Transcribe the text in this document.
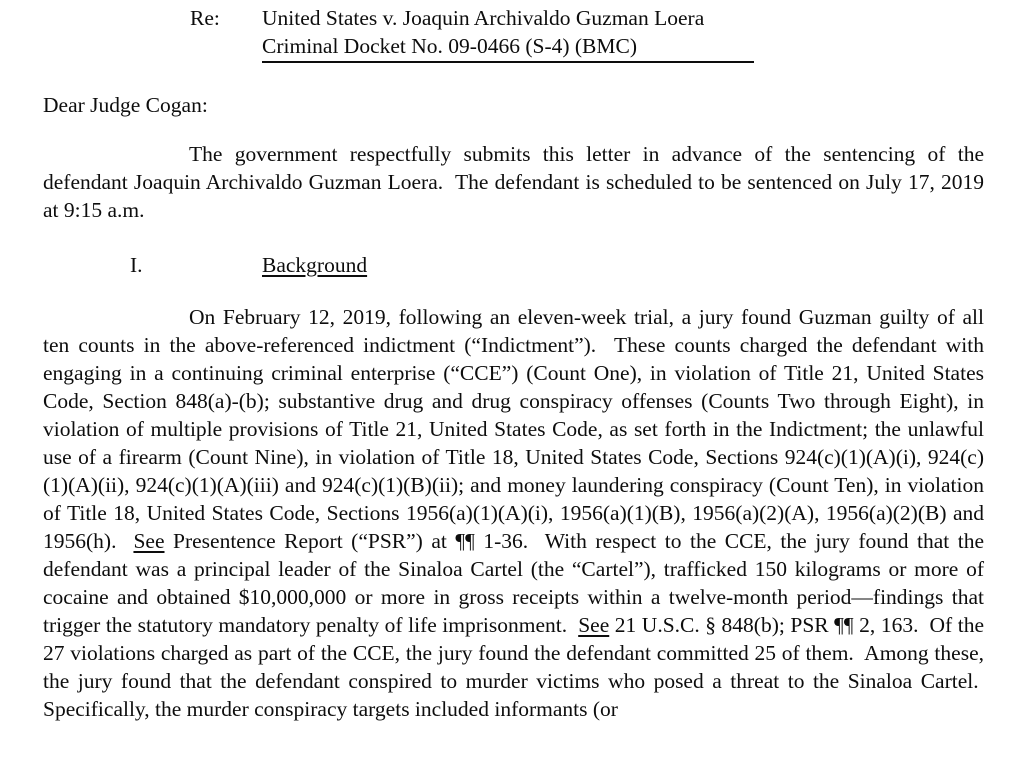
Re:	United States v. Joaquin Archivaldo Guzman Loera
Criminal Docket No. 09-0466 (S-4) (BMC)
Dear Judge Cogan:

The government respectfully submits this letter in advance of the sentencing of the defendant Joaquin Archivaldo Guzman Loera.  The defendant is scheduled to be sentenced on July 17, 2019 at 9:15 a.m.

I.	Background

On February 12, 2019, following an eleven-week trial, a jury found Guzman guilty of all ten counts in the above-referenced indictment (“Indictment”).  These counts charged the defendant with engaging in a continuing criminal enterprise (“CCE”) (Count One), in violation of Title 21, United States Code, Section 848(a)-(b); substantive drug and drug conspiracy offenses (Counts Two through Eight), in violation of multiple provisions of Title 21, United States Code, as set forth in the Indictment; the unlawful use of a firearm (Count Nine), in violation of Title 18, United States Code, Sections 924(c)(1)(A)(i), 924(c)(1)(A)(ii), 924(c)(1)(A)(iii) and 924(c)(1)(B)(ii); and money laundering conspiracy (Count Ten), in violation of Title 18, United States Code, Sections 1956(a)(1)(A)(i), 1956(a)(1)(B), 1956(a)(2)(A), 1956(a)(2)(B) and 1956(h).  See Presentence Report (“PSR”) at ¶¶ 1-36.  With respect to the CCE, the jury found that the defendant was a principal leader of the Sinaloa Cartel (the “Cartel”), trafficked 150 kilograms or more of cocaine and obtained $10,000,000 or more in gross receipts within a twelve-month period—findings that trigger the statutory mandatory penalty of life imprisonment.  See 21 U.S.C. § 848(b); PSR ¶¶ 2, 163.  Of the 27 violations charged as part of the CCE, the jury found the defendant committed 25 of them.  Among these, the jury found that the defendant conspired to murder victims who posed a threat to the Sinaloa Cartel.  Specifically, the murder conspiracy targets included informants (or
